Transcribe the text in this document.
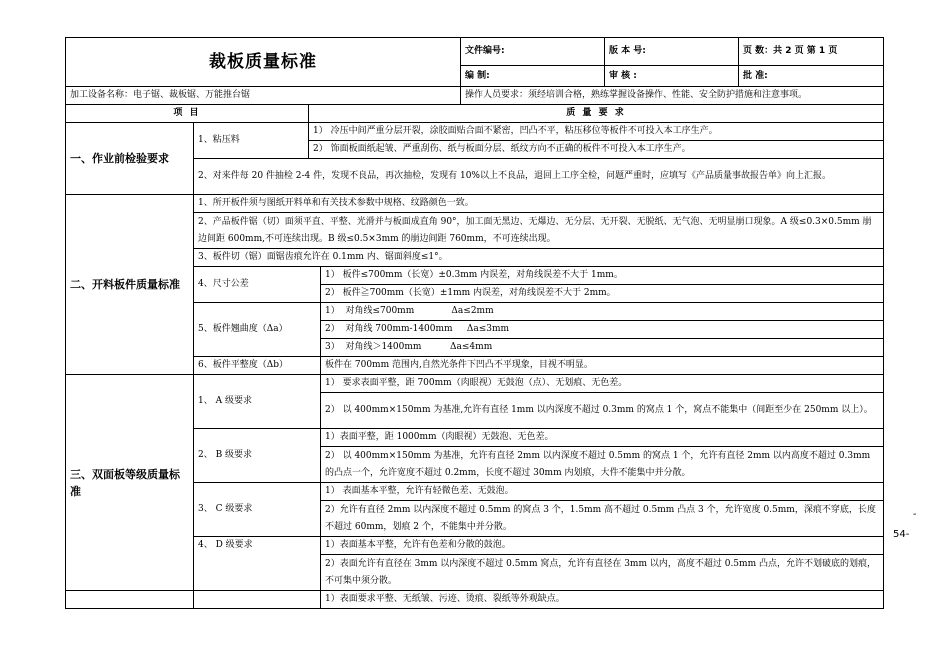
裁板质量标准				文件编号:	版 本 号:	页 数：共 2 页 第 1 页
				编 制:	审 核 :	批 准:
加工设备名称：电子锯、裁板锯、万能推台锯				操作人员要求：须经培训合格，熟练掌握设备操作、性能、安全防护措施和注意事项。		
项 目		质 量 要 求				
一、作业前检验要求	1、粘压料	1） 冷压中间严重分层开裂，涂胶面贴合面不紧密，凹凸不平，粘压移位等板件不可投入本工序生产。				
		2） 饰面板面纸起皱、严重刮伤、纸与板面分层、纸纹方向不正确的板件不可投入本工序生产。				
	2、对来件每 20 件抽检 2-4 件，发现不良品，再次抽检，发现有 10%以上不良品，退回上工序全检，问题严重时，应填写《产品质量事故报告单》向上汇报。					
二、开料板件质量标准	1、所开板件须与图纸开料单和有关技术参数中规格、纹路颜色一致。					
	2、产品板件锯（切）面须平直、平整、光滑并与板面成直角 90°，加工面无黑边、无爆边、无分层、无开裂、无脱纸、无气泡、无明显崩口现象。A 级≤0.3×0.5mm 崩边间距 600mm,不可连续出现。B 级≤0.5×3mm 的崩边间距 760mm，不可连续出现。					
	3、板件切（锯）面锯齿痕允许在 0.1mm 内、锯面斜度≤1°。					
	4、尺寸公差		1） 板件≤700mm（长宽）±0.3mm 内误差，对角线误差不大于 1mm。			
			2） 板件≧700mm（长宽）±1mm 内误差，对角线误差不大于 2mm。			
	5、板件翘曲度（Δa）		1）  对角线≤700mm             Δa≤2mm			
			2）  对角线 700mm-1400mm     Δa≤3mm			
			3）  对角线＞1400mm          Δa≤4mm			
	6、板件平整度（Δb）		板件在 700mm 范围内,自然光条件下凹凸不平现象，目视不明显。			
三、双面板等级质量标准	1、 A 级要求		1） 要求表面平整，距 700mm（肉眼视）无鼓泡（点）、无划痕、无色差。			
			2） 以 400mm×150mm 为基准,允许有直径 1mm 以内深度不超过 0.3mm 的窝点 1 个，窝点不能集中（间距至少在 250mm 以上）。			
	2、 B 级要求		1）表面平整，距 1000mm（肉眼视）无鼓泡、无色差。			
			2） 以 400mm×150mm 为基准，允许有直径 2mm 以内深度不超过 0.5mm 的窝点 1 个，允许有直径 2mm 以内高度不超过 0.3mm 的凸点一个，允许宽度不超过 0.2mm，长度不超过 30mm 内划痕，大件不能集中并分散。			
	3、 C 级要求		1） 表面基本平整，允许有轻微色差、无鼓泡。			
			2）允许有直径 2mm 以内深度不超过 0.5mm 的窝点 3 个，1.5mm 高不超过 0.5mm 凸点 3 个，允许宽度 0.5mm，深痕不穿底，长度不超过 60mm，划痕 2 个，不能集中并分散。			
	4、 D 级要求		1）表面基本平整，允许有色差和分散的鼓泡。			
			2）表面允许有直径在 3mm 以内深度不超过 0.5mm 窝点，允许有直径在 3mm 以内，高度不超过 0.5mm 凸点，允许不划破底的划痕，不可集中须分散。			
			1）表面要求平整、无纸皱、污迹、烫痕、裂纸等外观缺点。			
-
54-
